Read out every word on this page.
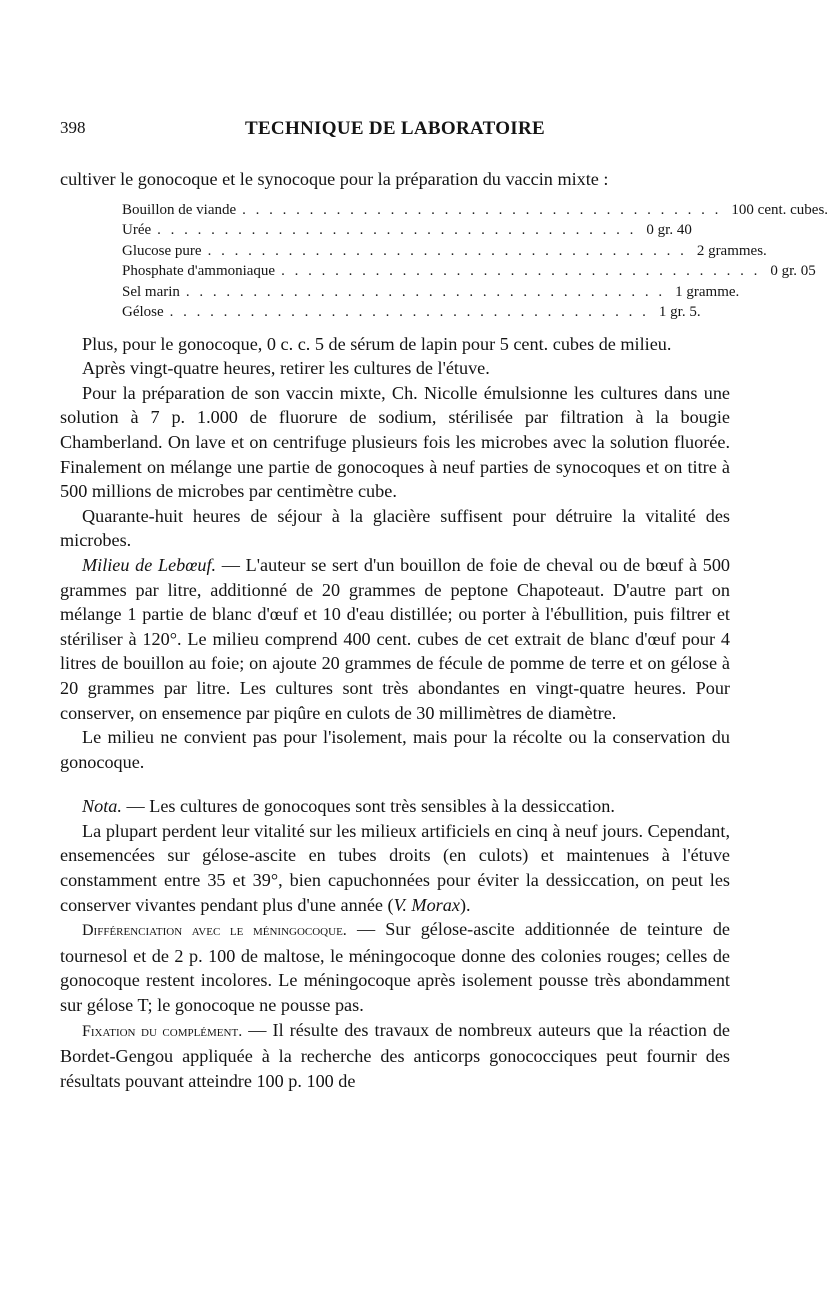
398	TECHNIQUE DE LABORATOIRE

cultiver le gonocoque et le synocoque pour la préparation du vaccin mixte :

Bouillon de viande . . . . . . . . . . . . . . . . . . . . . . . . . . . . . . . . . . . . 100 cent. cubes.
Urée . . . . . . . . . . . . . . . . . . . . . . . . . . . . . . . . . . . . 0 gr. 40
Glucose pure . . . . . . . . . . . . . . . . . . . . . . . . . . . . . . . . . . . . 2 grammes.
Phosphate d'ammoniaque . . . . . . . . . . . . . . . . . . . . . . . . . . . . . . . . . . . . 0 gr. 05
Sel marin . . . . . . . . . . . . . . . . . . . . . . . . . . . . . . . . . . . . 1 gramme.
Gélose . . . . . . . . . . . . . . . . . . . . . . . . . . . . . . . . . . . . 1 gr. 5.

Plus, pour le gonocoque, 0 c. c. 5 de sérum de lapin pour 5 cent. cubes de milieu.

Après vingt-quatre heures, retirer les cultures de l'étuve.

Pour la préparation de son vaccin mixte, Ch. Nicolle émulsionne les cultures dans une solution à 7 p. 1.000 de fluorure de sodium, stérilisée par filtration à la bougie Chamberland. On lave et on centrifuge plusieurs fois les microbes avec la solution fluorée. Finalement on mélange une partie de gonocoques à neuf parties de synocoques et on titre à 500 millions de microbes par centimètre cube.

Quarante-huit heures de séjour à la glacière suffisent pour détruire la vitalité des microbes.

Milieu de Lebœuf. — L'auteur se sert d'un bouillon de foie de cheval ou de bœuf à 500 grammes par litre, additionné de 20 grammes de peptone Chapoteaut. D'autre part on mélange 1 partie de blanc d'œuf et 10 d'eau distillée; ou porter à l'ébullition, puis filtrer et stériliser à 120°. Le milieu comprend 400 cent. cubes de cet extrait de blanc d'œuf pour 4 litres de bouillon au foie; on ajoute 20 grammes de fécule de pomme de terre et on gélose à 20 grammes par litre. Les cultures sont très abondantes en vingt-quatre heures. Pour conserver, on ensemence par piqûre en culots de 30 millimètres de diamètre.

Le milieu ne convient pas pour l'isolement, mais pour la récolte ou la conservation du gonocoque.

Nota. — Les cultures de gonocoques sont très sensibles à la dessiccation.

La plupart perdent leur vitalité sur les milieux artificiels en cinq à neuf jours. Cependant, ensemencées sur gélose-ascite en tubes droits (en culots) et maintenues à l'étuve constamment entre 35 et 39°, bien capuchonnées pour éviter la dessiccation, on peut les conserver vivantes pendant plus d'une année (V. Morax).

Différenciation avec le méningocoque. — Sur gélose-ascite additionnée de teinture de tournesol et de 2 p. 100 de maltose, le méningocoque donne des colonies rouges; celles de gonocoque restent incolores. Le méningocoque après isolement pousse très abondamment sur gélose T; le gonocoque ne pousse pas.

Fixation du complément. — Il résulte des travaux de nombreux auteurs que la réaction de Bordet-Gengou appliquée à la recherche des anticorps gonococciques peut fournir des résultats pouvant atteindre 100 p. 100 de
